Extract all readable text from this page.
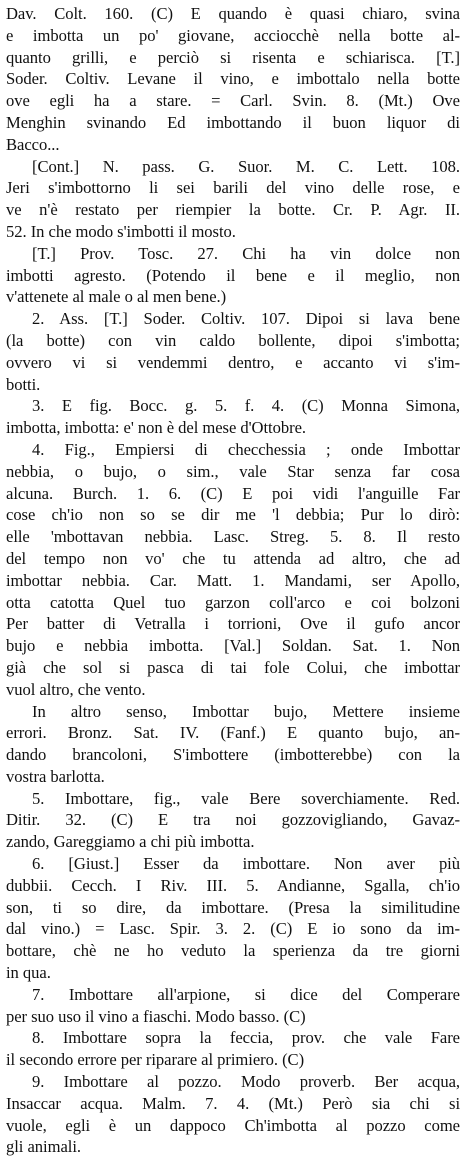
Dav. Colt. 160. (C) E quando è quasi chiaro, svina
e imbotta un po' giovane, acciocchè nella botte al-
quanto grilli, e perciò si risenta e schiarisca. [T.]
Soder. Coltiv. Levane il vino, e imbottalo nella botte
ove egli ha a stare. = Carl. Svin. 8. (Mt.) Ove
Menghin svinando Ed imbottando il buon liquor di
Bacco...
[Cont.] N. pass. G. Suor. M. C. Lett. 108.
Jeri s'imbottorno li sei barili del vino delle rose, e
ve n'è restato per riempier la botte. Cr. P. Agr. II.
52. In che modo s'imbotti il mosto.
[T.] Prov. Tosc. 27. Chi ha vin dolce non
imbotti agresto. (Potendo il bene e il meglio, non
v'attenete al male o al men bene.)
2. Ass. [T.] Soder. Coltiv. 107. Dipoi si lava bene
(la botte) con vin caldo bollente, dipoi s'imbotta;
ovvero vi si vendemmi dentro, e accanto vi s'im-
botti.
3. E fig. Bocc. g. 5. f. 4. (C) Monna Simona,
imbotta, imbotta: e' non è del mese d'Ottobre.
4. Fig., Empiersi di checchessia ; onde Imbottar
nebbia, o bujo, o sim., vale Star senza far cosa
alcuna. Burch. 1. 6. (C) E poi vidi l'anguille Far
cose ch'io non so se dir me 'l debbia; Pur lo dirò:
elle 'mbottavan nebbia. Lasc. Streg. 5. 8. Il resto
del tempo non vo' che tu attenda ad altro, che ad
imbottar nebbia. Car. Matt. 1. Mandami, ser Apollo,
otta catotta Quel tuo garzon coll'arco e coi bolzoni
Per batter di Vetralla i torrioni, Ove il gufo ancor
bujo e nebbia imbotta. [Val.] Soldan. Sat. 1. Non
già che sol si pasca di tai fole Colui, che imbottar
vuol altro, che vento.
In altro senso, Imbottar bujo, Mettere insieme
errori. Bronz. Sat. IV. (Fanf.) E quanto bujo, an-
dando brancoloni, S'imbottere (imbotterebbe) con la
vostra barlotta.
5. Imbottare, fig., vale Bere soverchiamente. Red.
Ditir. 32. (C) E tra noi gozzovigliando, Gavaz-
zando, Gareggiamo a chi più imbotta.
6. [Giust.] Esser da imbottare. Non aver più
dubbii. Cecch. I Riv. III. 5. Andianne, Sgalla, ch'io
son, ti so dire, da imbottare. (Presa la similitudine
dal vino.) = Lasc. Spir. 3. 2. (C) E io sono da im-
bottare, chè ne ho veduto la sperienza da tre giorni
in qua.
7. Imbottare all'arpione, si dice del Comperare
per suo uso il vino a fiaschi. Modo basso. (C)
8. Imbottare sopra la feccia, prov. che vale Fare
il secondo errore per riparare al primiero. (C)
9. Imbottare al pozzo. Modo proverb. Ber acqua,
Insaccar acqua. Malm. 7. 4. (Mt.) Però sia chi si
vuole, egli è un dappoco Ch'imbotta al pozzo come
gli animali.
